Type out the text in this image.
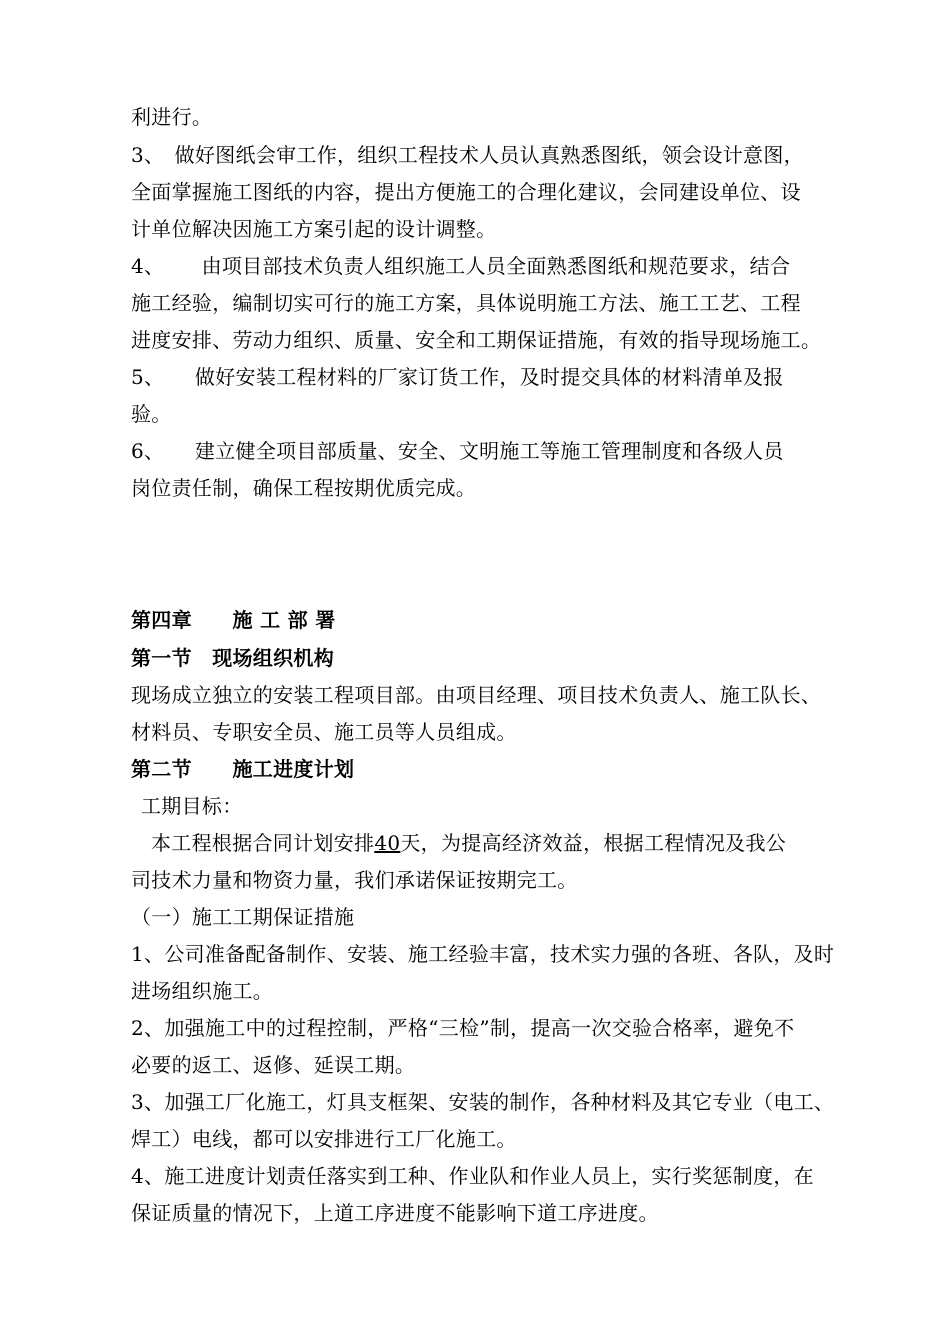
利进行。
3、　做好图纸会审工作，组织工程技术人员认真熟悉图纸，领会设计意图，
全面掌握施工图纸的内容，提出方便施工的合理化建议，会同建设单位、设
计单位解决因施工方案引起的设计调整。
4、　　 由项目部技术负责人组织施工人员全面熟悉图纸和规范要求，结合
施工经验，编制切实可行的施工方案，具体说明施工方法、施工工艺、工程
进度安排、劳动力组织、质量、安全和工期保证措施，有效的指导现场施工。
5、　　做好安装工程材料的厂家订货工作，及时提交具体的材料清单及报
验。
6、　　建立健全项目部质量、安全、文明施工等施工管理制度和各级人员
岗位责任制，确保工程按期优质完成。
第四章　　施 工 部 署
第一节　现场组织机构
现场成立独立的安装工程项目部。由项目经理、项目技术负责人、施工队长、
材料员、专职安全员、施工员等人员组成。
第二节　　施工进度计划
工期目标：
本工程根据合同计划安排40天，为提高经济效益，根据工程情况及我公
司技术力量和物资力量，我们承诺保证按期完工。
（一）施工工期保证措施
1、公司准备配备制作、安装、施工经验丰富，技术实力强的各班、各队，及时
进场组织施工。
2、加强施工中的过程控制，严格“三检”制，提高一次交验合格率，避免不
必要的返工、返修、延误工期。
3、加强工厂化施工，灯具支框架、安装的制作，各种材料及其它专业（电工、
焊工）电线，都可以安排进行工厂化施工。
4、施工进度计划责任落实到工种、作业队和作业人员上，实行奖惩制度，在
保证质量的情况下，上道工序进度不能影响下道工序进度。
